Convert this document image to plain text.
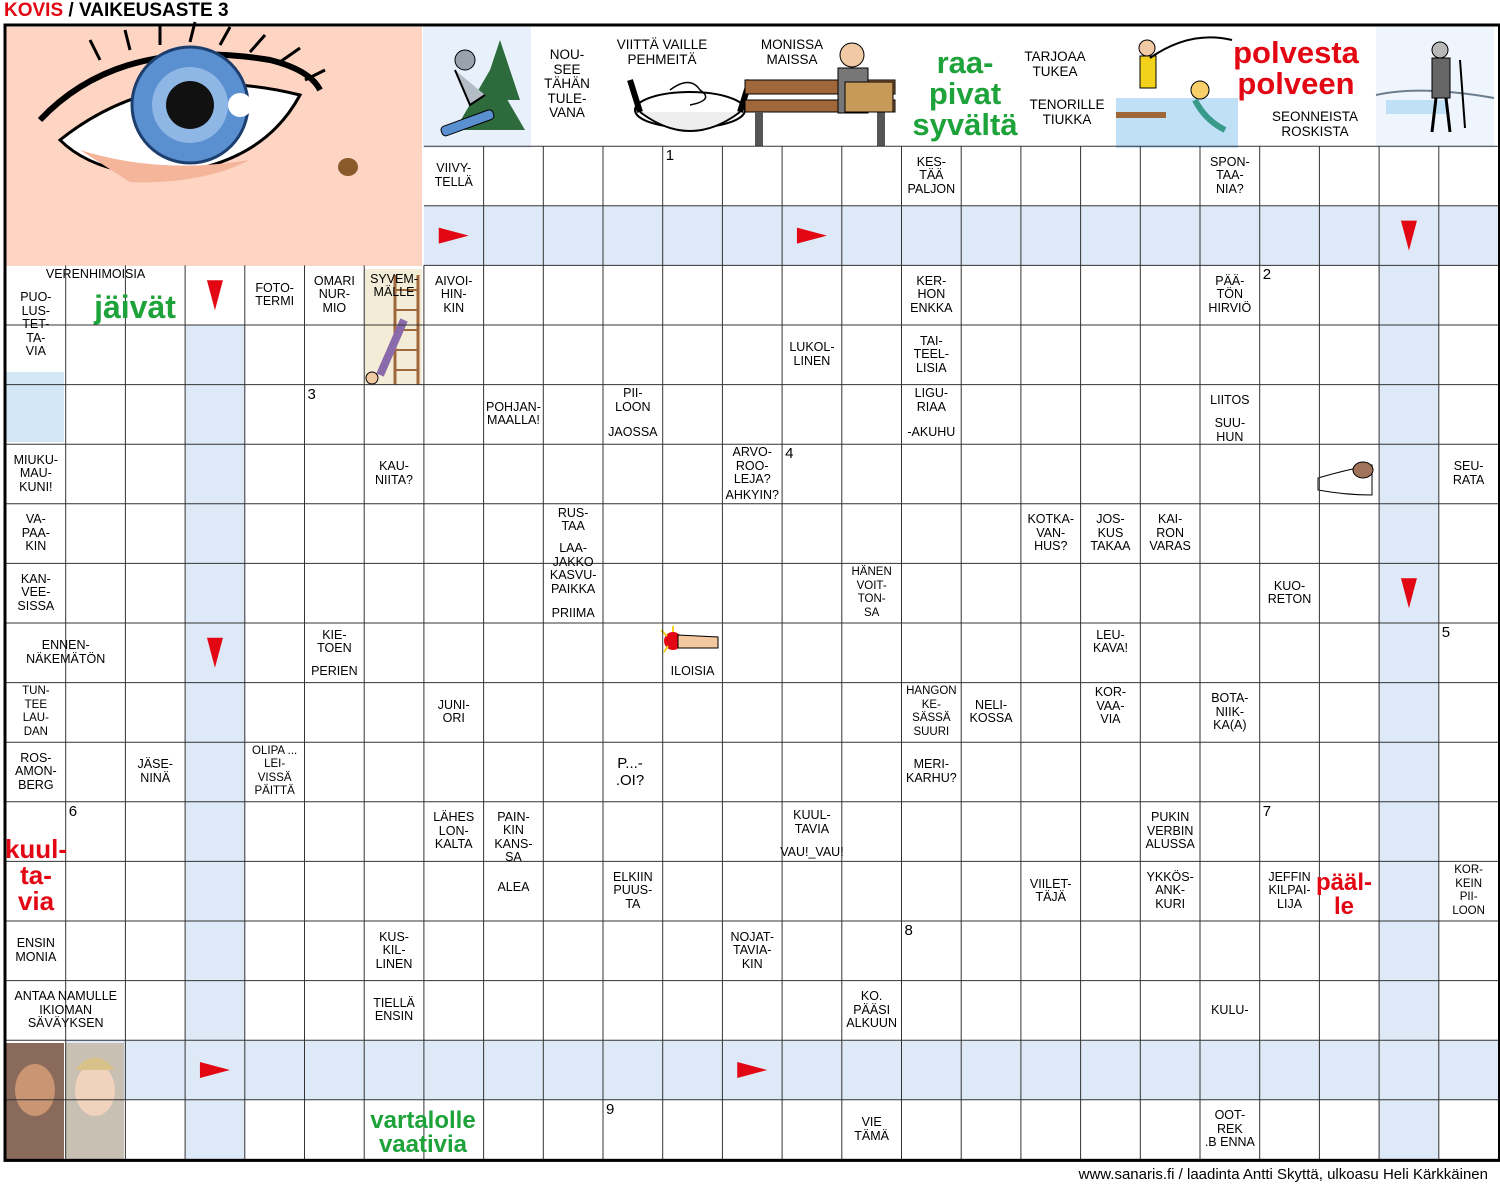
KOVIS / VAIKEUSASTE 3
VIIVY-
TELLÄ
KES-
TÄÄ
PALJON
SPON-
TAA-
NIA?
PUO-
LUS-
TET-
TA-
VIA
VERENHIMOISIA
FOTO-
TERMI
OMARI
NUR-
MIO
SYVEM-
MÄLLE
AIVOI-
HIN-
KIN
KER-
HON
ENKKA
PÄÄ-
TÖN
HIRVIÖ
LUKOL-
LINEN
TAI-
TEEL-
LISIA
POHJAN-
MAALLA!
PII-
LOON
JAOSSA
LIGU-
RIAA
-AKUHU
LIITOS
SUU-
HUN
MIUKU-
MAU-
KUNI!
KAU-
NIITA?
ARVO-
ROO-
LEJA?
AHKYIN?
SEU-
RATA
VA-
PAA-
KIN
RUS-
TAA	KOTKA-
VAN-
HUS?
JOS-
KUS
TAKAA
KAI-
RON
VARAS
LAA-
JAKKO
KASVU-
PAIKKA
PRIIMA
KAN-
VEE-
SISSA
HÄNEN
VOIT-
TON-
SA
KUO-
RETON
ENNEN-
NÄKEMÄTÖN
KIE-
TOEN
PERIEN	ILOISIA
LEU-
KAVA!
TUN-
TEE
LAU-
DAN
JUNI-
ORI
KOR-
VAA-
VIA
HANGON
KE-
SÄSSÄ
SUURI
NELI-
KOSSA
BOTA-
NIIK-
KA(A)
ROS-
AMON-
BERG
JÄSE-
NINÄ
OLIPA ...
LEI-
VISSÄ
PÄITTÄ
MERI-
KARHU?
LÄHES
LON-
KALTA
PAIN-
KIN
KANS-
SA
ALEA
KUUL-
TAVIA
VAU!_VAU!
PUKIN
VERBIN
ALUSSA
ELKIIN
PUUS-
TA
VIILET-
TÄJÄ
YKKÖS-
ANK-
KURI
JEFFIN
KILPAI-
LIJA
KOR-
KEIN
PII-
LOON
ENSIN
MONIA
KUS-
KIL-
LINEN
NOJAT-
TAVIA-
KIN
ANTAA NAMULLE
IKIOMAN
SÄVÄYKSEN
TIELLÄ
ENSIN
KO.
PÄÄSI
ALKUUN
KULU-
VIE
TÄMÄ
OOT-
REK
.B ENNA
NOU-
SEE
TÄHÄN
TULE-
VANA
VIITTÄ VAILLE
PEHMEITÄ
MONISSA
MAISSA	TARJOAA
TUKEA
TENORILLE
TIUKKA	SEONNEISTA
ROSKISTA
P...-
.OI?
jäivät
raa-
pivat
syvältä
polvesta
polveen
kuul-
ta-
via
pääl-
le
vartalolle
vaativia
1
2
3
4
5
6	7
8
9
www.sanaris.fi / laadinta Antti Skyttä, ulkoasu Heli Kärkkäinen
